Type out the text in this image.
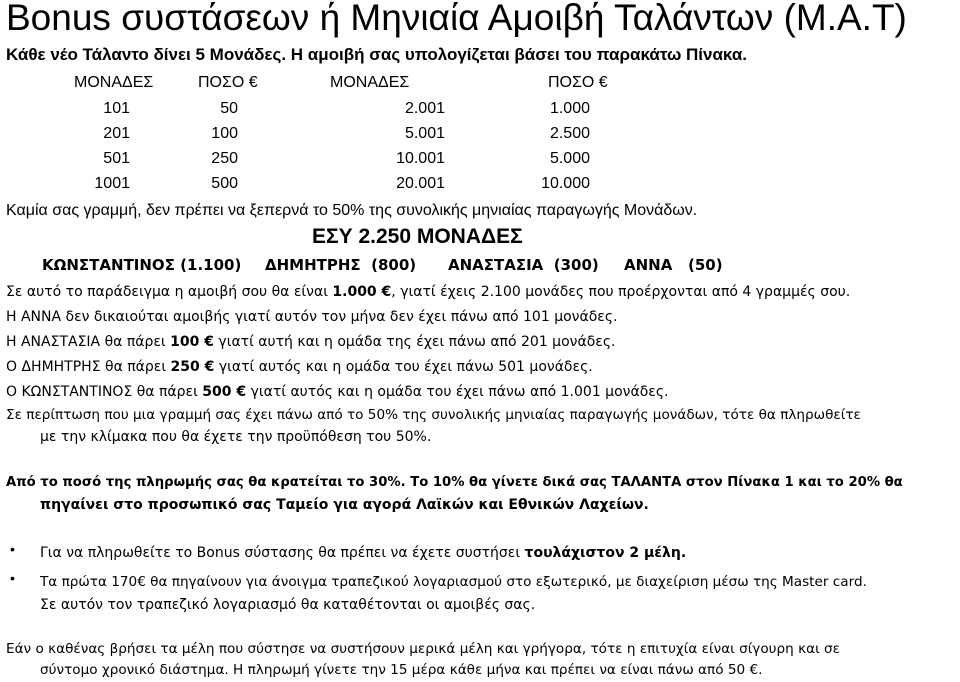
Bonus συστάσεων ή Μηνιαία Αμοιβή Ταλάντων (Μ.Α.Τ)
Κάθε νέο Τάλαντο δίνει 5 Μονάδες. Η αμοιβή σας υπολογίζεται βάσει του παρακάτω Πίνακα.
ΜΟΝΑΔΕΣ	ΠΟΣΟ €	ΜΟΝΑΔΕΣ	ΠΟΣΟ €
101	50	2.001	1.000
201	100	5.001	2.500
501	250	10.001	5.000
1001	500	20.001	10.000
Καμία σας γραμμή, δεν πρέπει να ξεπερνά το 50% της συνολικής μηνιαίας παραγωγής Μονάδων.
ΕΣΥ 2.250 ΜΟΝΑΔΕΣ
ΚΩΝΣΤΑΝΤΙΝΟΣ (1.100) ΔΗΜΗΤΡΗΣ (800) ΑΝΑΣΤΑΣΙΑ (300) ΑΝΝΑ (50)
Σε αυτό το παράδειγμα η αμοιβή σου θα είναι 1.000 €, γιατί έχεις 2.100 μονάδες που προέρχονται από 4 γραμμές σου.
Η ΑΝΝΑ δεν δικαιούται αμοιβής γιατί αυτόν τον μήνα δεν έχει πάνω από 101 μονάδες.
Η ΑΝΑΣΤΑΣΙΑ θα πάρει 100 € γιατί αυτή και η ομάδα της έχει πάνω από 201 μονάδες.
Ο ΔΗΜΗΤΡΗΣ θα πάρει 250 € γιατί αυτός και η ομάδα του έχει πάνω 501 μονάδες.
Ο ΚΩΝΣΤΑΝΤΙΝΟΣ θα πάρει 500 € γιατί αυτός και η ομάδα του έχει πάνω από 1.001 μονάδες.
Σε περίπτωση που μια γραμμή σας έχει πάνω από το 50% της συνολικής μηνιαίας παραγωγής μονάδων, τότε θα πληρωθείτε
με την κλίμακα που θα έχετε την προϋπόθεση του 50%.
Από το ποσό της πληρωμής σας θα κρατείται το 30%. Το 10% θα γίνετε δικά σας ΤΑΛΑΝΤΑ στον Πίνακα 1 και το 20% θα
πηγαίνει στο προσωπικό σας Ταμείο για αγορά Λαϊκών και Εθνικών Λαχείων.
• Για να πληρωθείτε το Bonus σύστασης θα πρέπει να έχετε συστήσει τουλάχιστον 2 μέλη.
• Τα πρώτα 170€ θα πηγαίνουν για άνοιγμα τραπεζικού λογαριασμού στο εξωτερικό, με διαχείριση μέσω της Master card.
Σε αυτόν τον τραπεζικό λογαριασμό θα καταθέτονται οι αμοιβές σας.
Εάν ο καθένας βρήσει τα μέλη που σύστησε να συστήσουν μερικά μέλη και γρήγορα, τότε η επιτυχία είναι σίγουρη και σε
σύντομο χρονικό διάστημα. Η πληρωμή γίνετε την 15 μέρα κάθε μήνα και πρέπει να είναι πάνω από 50 €.
